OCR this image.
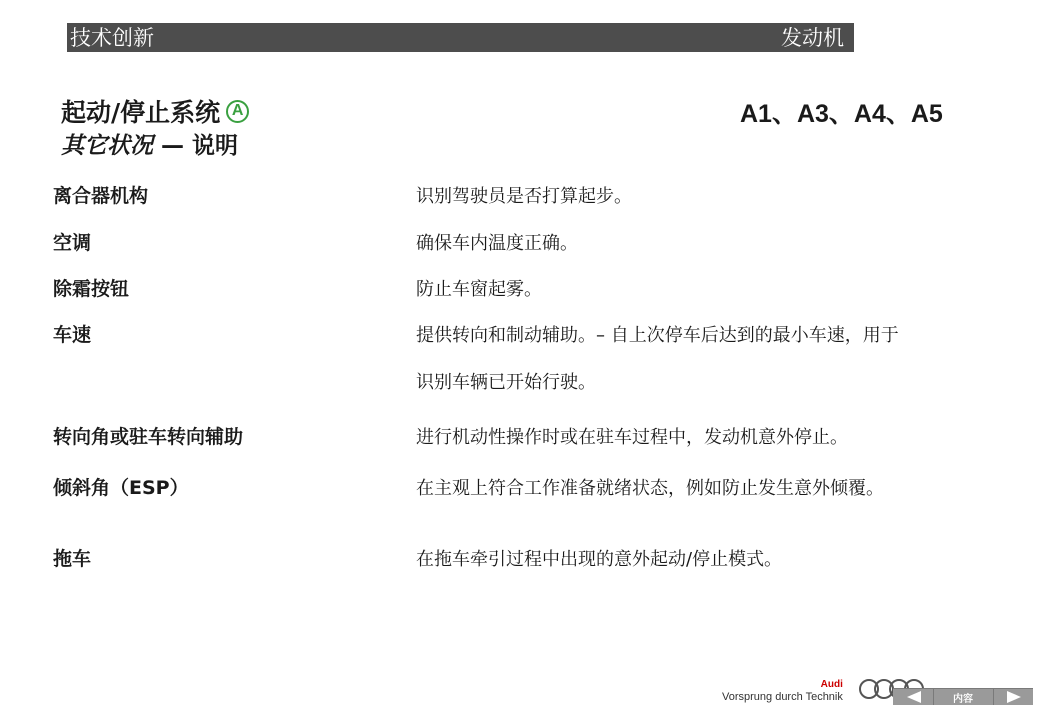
技术创新	发动机
起动/停止系统 A
其它状况 — 说明
A1、A3、A4、A5
离合器机构	识别驾驶员是否打算起步。
空调	确保车内温度正确。
除霜按钮	防止车窗起雾。
车速	提供转向和制动辅助。– 自上次停车后达到的最小车速，用于
识别车辆已开始行驶。
转向角或驻车转向辅助	进行机动性操作时或在驻车过程中，发动机意外停止。
倾斜角（ESP）	在主观上符合工作准备就绪状态，例如防止发生意外倾覆。
拖车	在拖车牵引过程中出现的意外起动/停止模式。
Audi
Vorsprung durch Technik	内容
